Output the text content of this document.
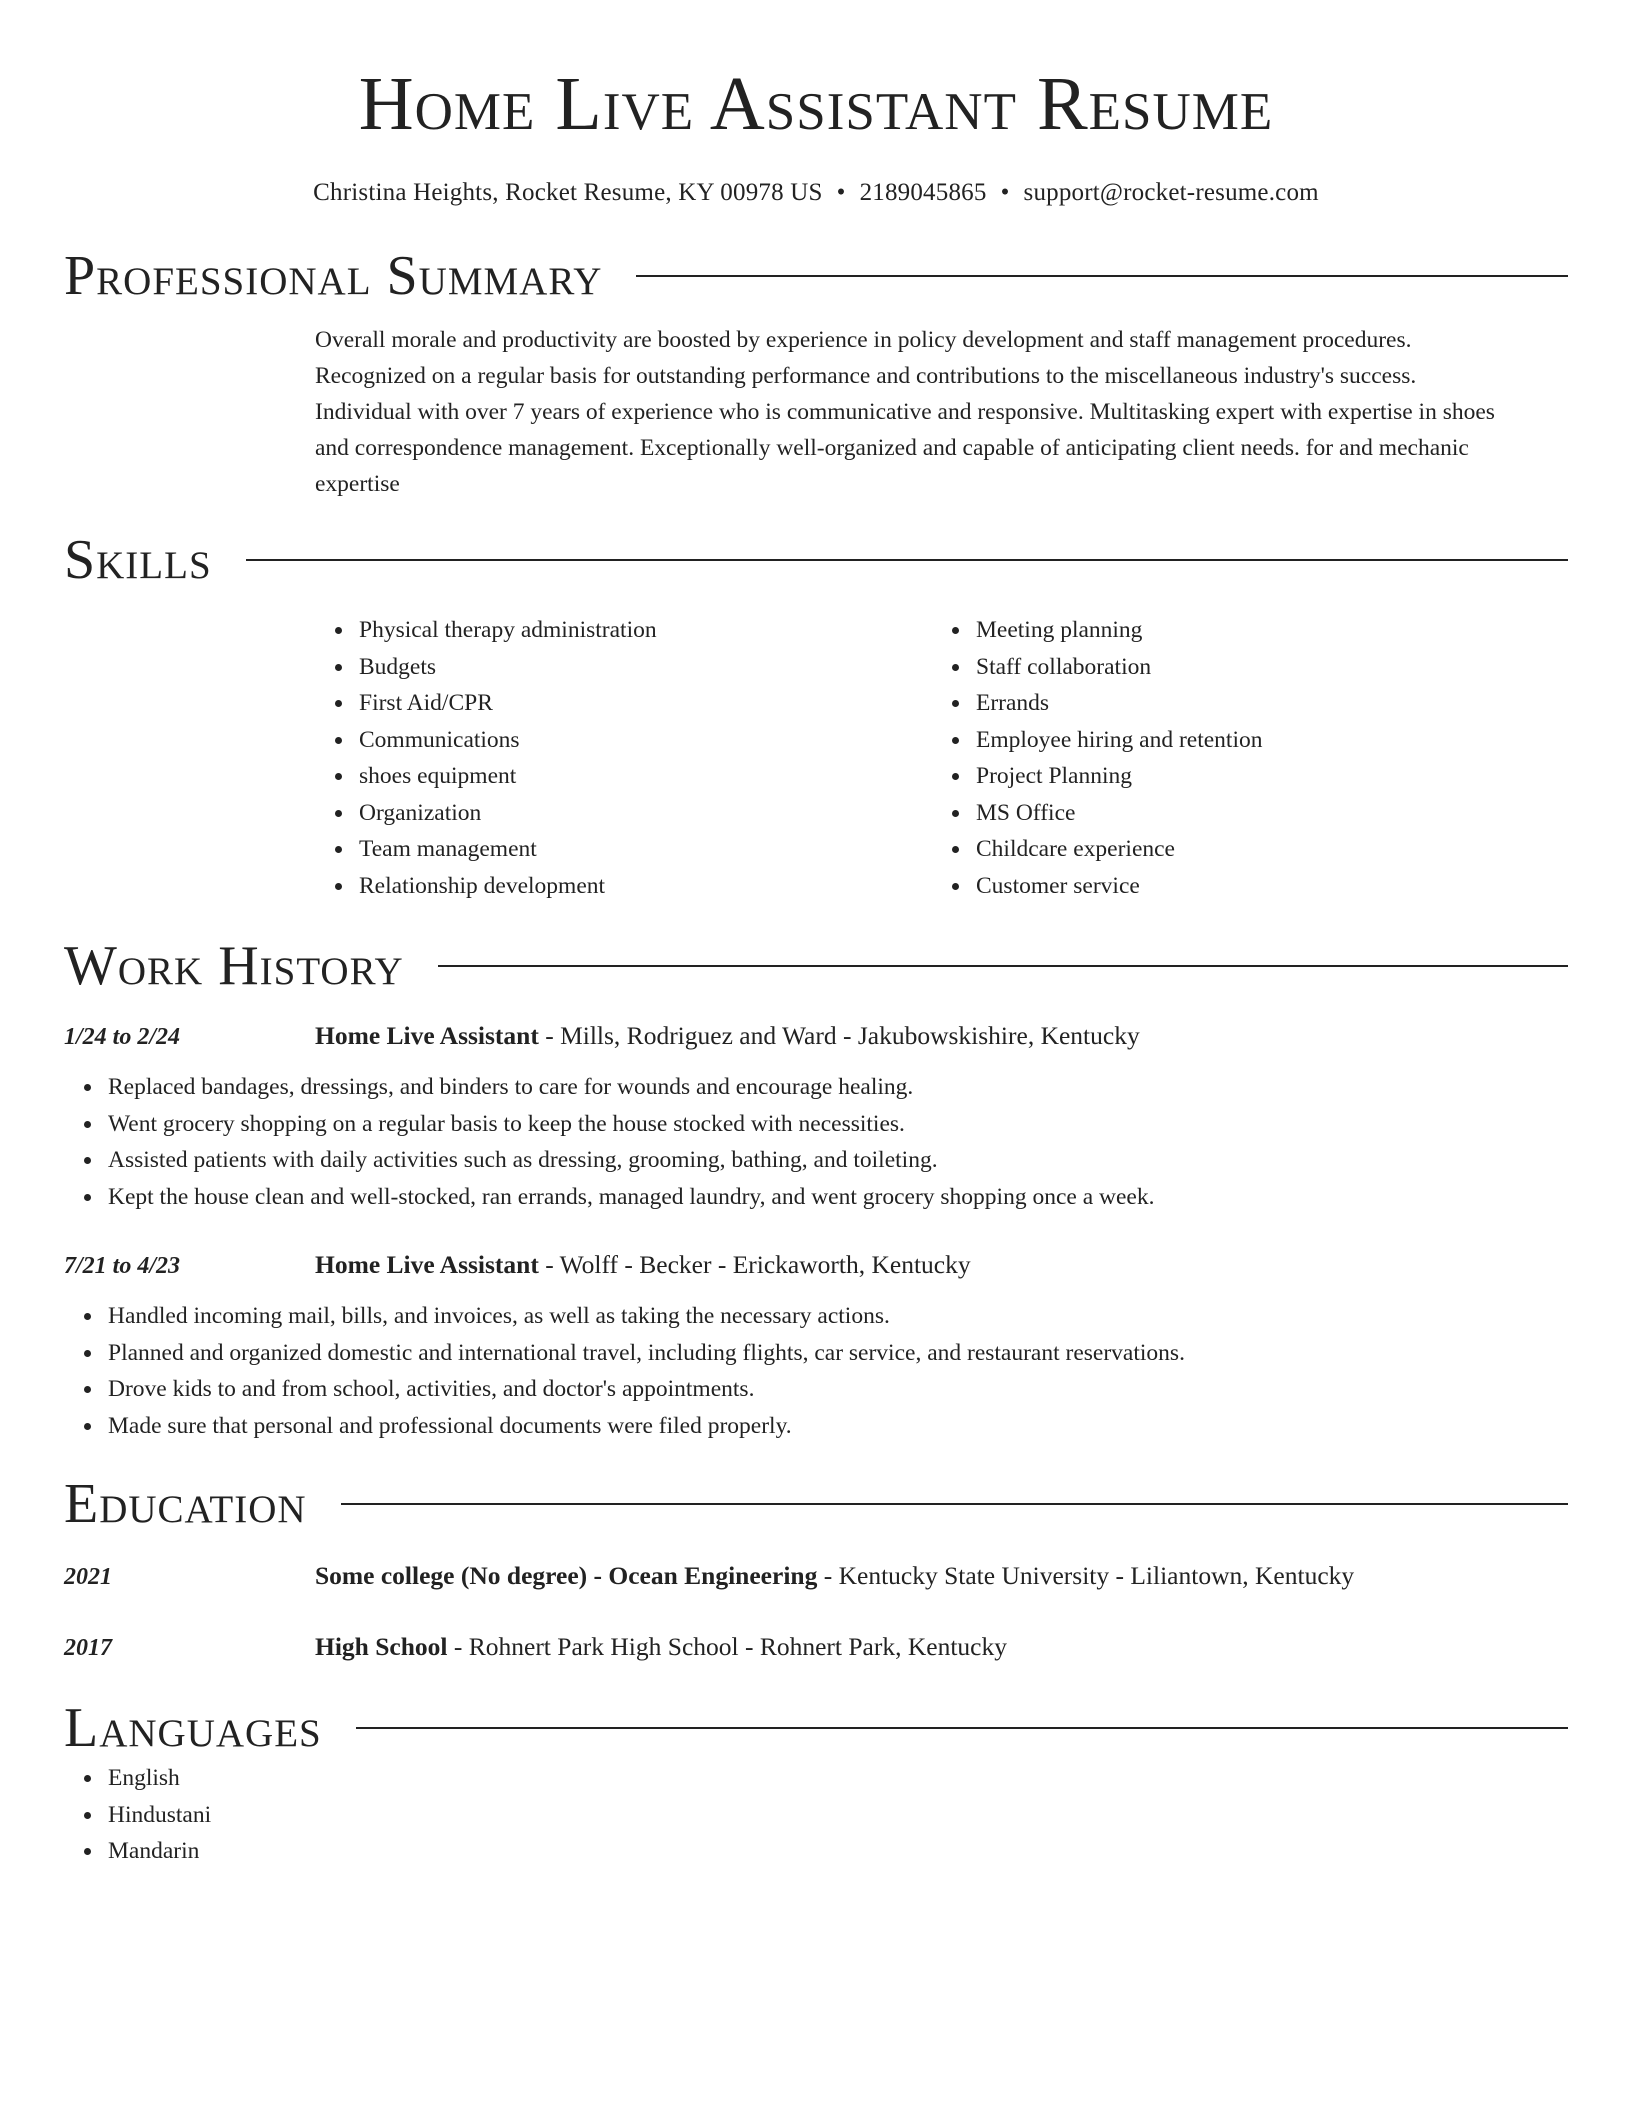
Home Live Assistant Resume
Christina Heights, Rocket Resume, KY 00978 US • 2189045865 • support@rocket-resume.com
Professional Summary

Overall morale and productivity are boosted by experience in policy development and staff management procedures. Recognized on a regular basis for outstanding performance and contributions to the miscellaneous industry's success. Individual with over 7 years of experience who is communicative and responsive. Multitasking expert with expertise in shoes and correspondence management. Exceptionally well-organized and capable of anticipating client needs. for and mechanic expertise

Skills
Physical therapy administration
Budgets
First Aid/CPR
Communications
shoes equipment
Organization
Team management
Relationship development
Meeting planning
Staff collaboration
Errands
Employee hiring and retention
Project Planning
MS Office
Childcare experience
Customer service
Work History
1/24 to 2/24	Home Live Assistant - Mills, Rodriguez and Ward - Jakubowskishire, Kentucky
Replaced bandages, dressings, and binders to care for wounds and encourage healing.
Went grocery shopping on a regular basis to keep the house stocked with necessities.
Assisted patients with daily activities such as dressing, grooming, bathing, and toileting.
Kept the house clean and well-stocked, ran errands, managed laundry, and went grocery shopping once a week.
7/21 to 4/23	Home Live Assistant - Wolff - Becker - Erickaworth, Kentucky
Handled incoming mail, bills, and invoices, as well as taking the necessary actions.
Planned and organized domestic and international travel, including flights, car service, and restaurant reservations.
Drove kids to and from school, activities, and doctor's appointments.
Made sure that personal and professional documents were filed properly.
Education
2021	Some college (No degree) - Ocean Engineering - Kentucky State University - Liliantown, Kentucky
2017	High School - Rohnert Park High School - Rohnert Park, Kentucky
Languages
English
Hindustani
Mandarin
